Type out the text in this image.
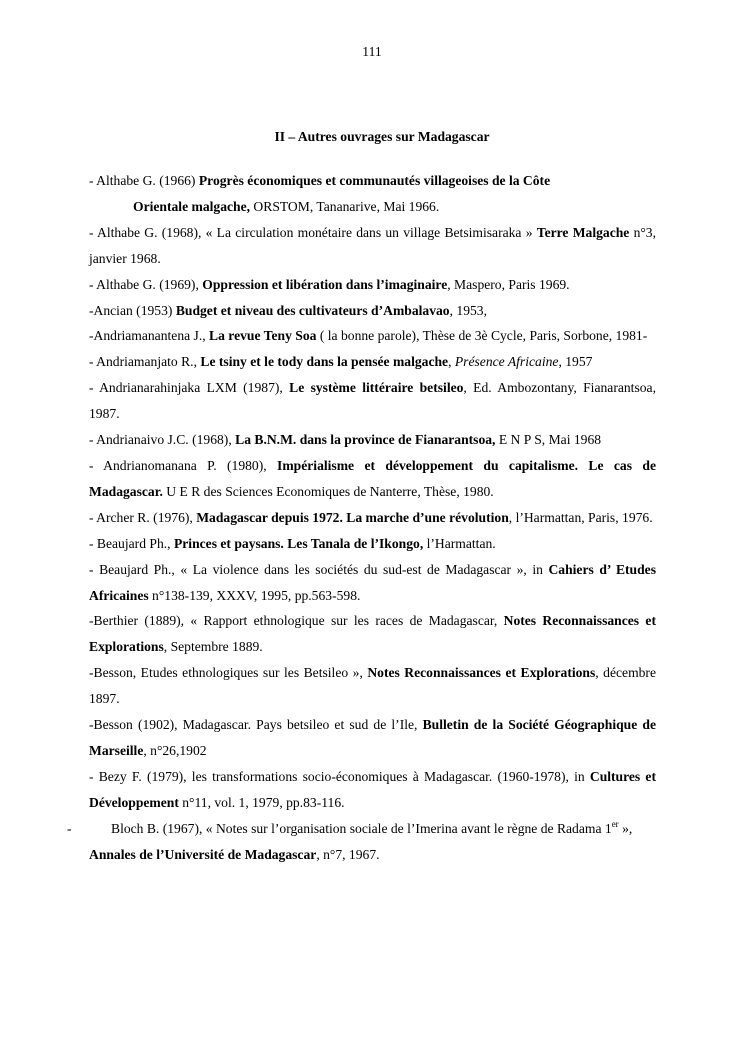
111
II – Autres ouvrages sur Madagascar
- Althabe G. (1966) Progrès économiques et communautés villageoises de la Côte
Orientale malgache, ORSTOM, Tananarive, Mai 1966.
- Althabe G. (1968), « La circulation monétaire dans un village Betsimisaraka » Terre Malgache n°3, janvier 1968.
- Althabe G. (1969), Oppression et libération dans l’imaginaire, Maspero, Paris 1969.
-Ancian (1953) Budget et niveau des cultivateurs d’Ambalavao, 1953,
-Andriamanantena J., La revue Teny Soa ( la bonne parole), Thèse de 3è Cycle, Paris, Sorbone, 1981-
- Andriamanjato R., Le tsiny et le tody dans la pensée malgache, Présence Africaine, 1957
- Andrianarahinjaka LXM (1987), Le système littéraire betsileo, Ed. Ambozontany, Fianarantsoa, 1987.
- Andrianaivo J.C. (1968), La B.N.M. dans la province de Fianarantsoa, E N P S, Mai 1968
- Andrianomanana P. (1980), Impérialisme et développement du capitalisme. Le cas de Madagascar. U E R des Sciences Economiques de Nanterre, Thèse, 1980.
- Archer R. (1976), Madagascar depuis 1972. La marche d’une révolution, l’Harmattan, Paris, 1976.
- Beaujard Ph., Princes et paysans. Les Tanala de l’Ikongo, l’Harmattan.
- Beaujard Ph., « La violence dans les sociétés du sud-est de Madagascar », in Cahiers d’ Etudes Africaines n°138-139, XXXV, 1995, pp.563-598.
-Berthier (1889), « Rapport ethnologique sur les races de Madagascar, Notes Reconnaissances et Explorations, Septembre 1889.
-Besson, Etudes ethnologiques sur les Betsileo », Notes Reconnaissances et Explorations, décembre 1897.
-Besson (1902), Madagascar. Pays betsileo et sud de l’Ile, Bulletin de la Société Géographique de Marseille, n°26,1902
- Bezy F. (1979), les transformations socio-économiques à Madagascar. (1960-1978), in Cultures et Développement n°11, vol. 1, 1979, pp.83-116.
-	Bloch B. (1967), « Notes sur l’organisation sociale de l’Imerina avant le règne de Radama 1er »,
Annales de l’Université de Madagascar, n°7, 1967.
